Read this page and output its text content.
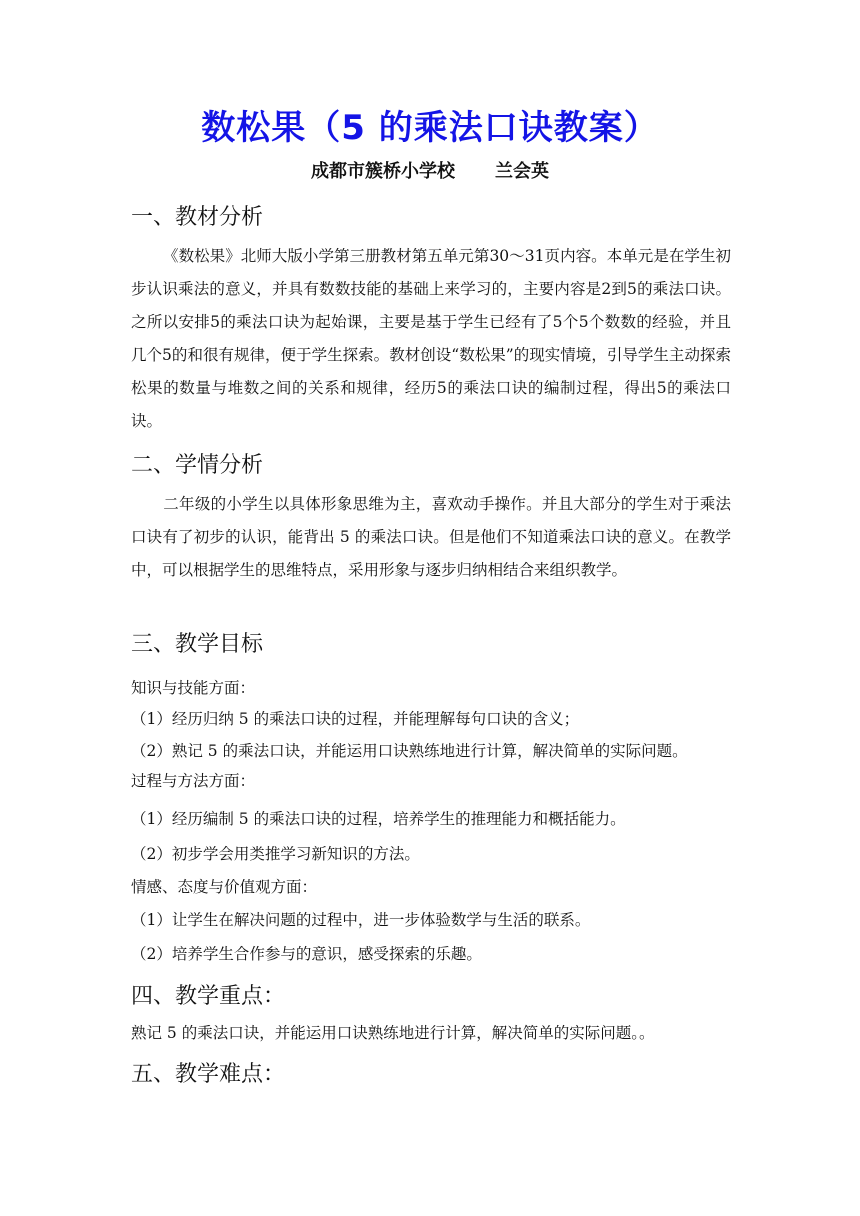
数松果（5 的乘法口诀教案）
成都市簇桥小学校 兰会英
一、教材分析
《数松果》北师大版小学第三册教材第五单元第30～31页内容。本单元是在学生初步认识乘法的意义，并具有数数技能的基础上来学习的，主要内容是2到5的乘法口诀。之所以安排5的乘法口诀为起始课，主要是基于学生已经有了5个5个数数的经验，并且几个5的和很有规律，便于学生探索。教材创设“数松果”的现实情境，引导学生主动探索松果的数量与堆数之间的关系和规律，经历5的乘法口诀的编制过程，得出5的乘法口诀。
二、学情分析
二年级的小学生以具体形象思维为主，喜欢动手操作。并且大部分的学生对于乘法口诀有了初步的认识，能背出 5 的乘法口诀。但是他们不知道乘法口诀的意义。在教学中，可以根据学生的思维特点，采用形象与逐步归纳相结合来组织教学。
三、教学目标
知识与技能方面：
（1）经历归纳 5 的乘法口诀的过程，并能理解每句口诀的含义；
（2）熟记 5 的乘法口诀，并能运用口诀熟练地进行计算，解决简单的实际问题。
过程与方法方面：
（1）经历编制 5 的乘法口诀的过程，培养学生的推理能力和概括能力。
（2）初步学会用类推学习新知识的方法。
情感、态度与价值观方面：
（1）让学生在解决问题的过程中，进一步体验数学与生活的联系。
（2）培养学生合作参与的意识，感受探索的乐趣。
四、教学重点：
熟记 5 的乘法口诀，并能运用口诀熟练地进行计算，解决简单的实际问题。。
五、教学难点：
